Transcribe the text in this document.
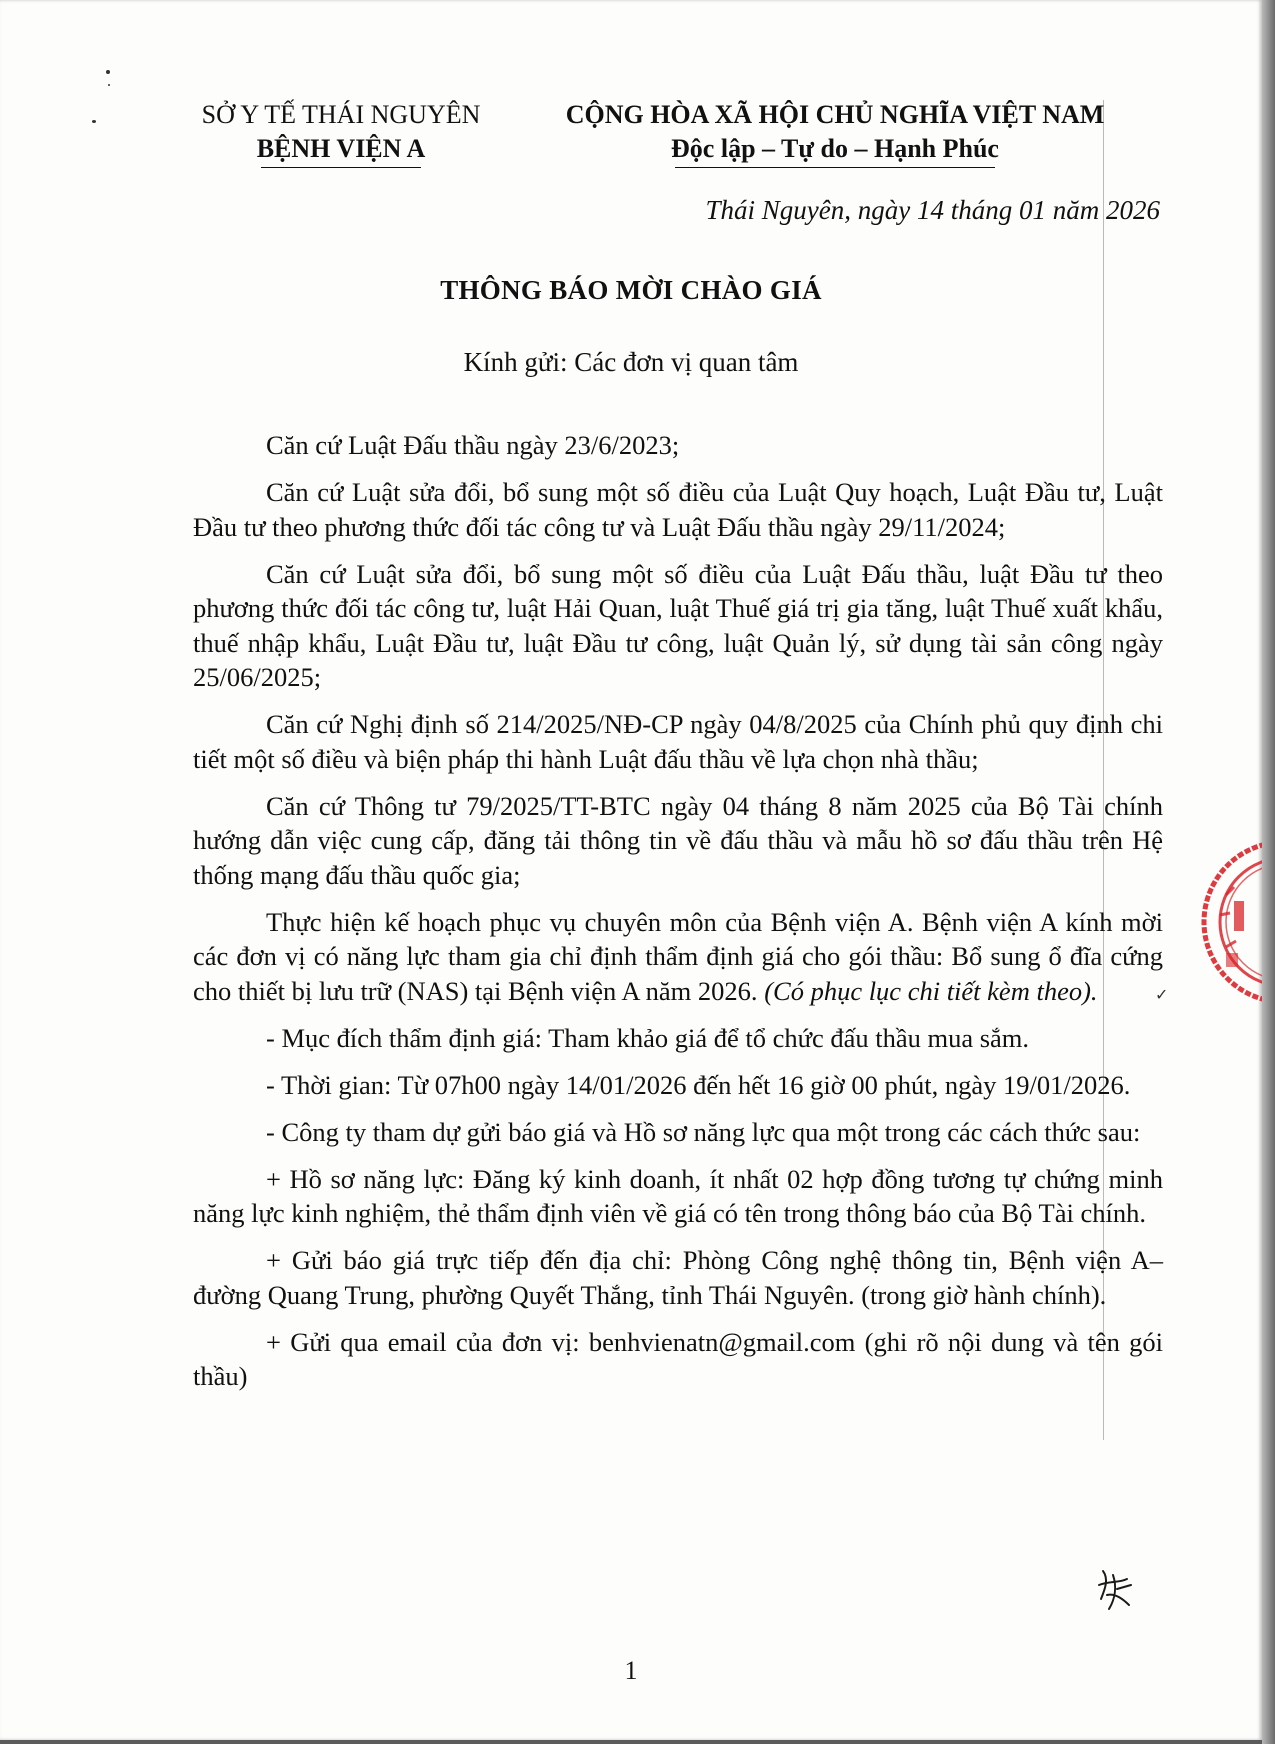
SỞ Y TẾ THÁI NGUYÊN
BỆNH VIỆN A
CỘNG HÒA XÃ HỘI CHỦ NGHĨA VIỆT NAM
Độc lập – Tự do – Hạnh Phúc
Thái Nguyên, ngày 14 tháng 01 năm 2026
THÔNG BÁO MỜI CHÀO GIÁ
Kính gửi: Các đơn vị quan tâm

Căn cứ Luật Đấu thầu ngày 23/6/2023;

Căn cứ Luật sửa đổi, bổ sung một số điều của Luật Quy hoạch, Luật Đầu tư, Luật Đầu tư theo phương thức đối tác công tư và Luật Đấu thầu ngày 29/11/2024;

Căn cứ Luật sửa đổi, bổ sung một số điều của Luật Đấu thầu, luật Đầu tư theo phương thức đối tác công tư, luật Hải Quan, luật Thuế giá trị gia tăng, luật Thuế xuất khẩu, thuế nhập khẩu, Luật Đầu tư, luật Đầu tư công, luật Quản lý, sử dụng tài sản công ngày 25/06/2025;

Căn cứ Nghị định số 214/2025/NĐ-CP ngày 04/8/2025 của Chính phủ quy định chi tiết một số điều và biện pháp thi hành Luật đấu thầu về lựa chọn nhà thầu;

Căn cứ Thông tư 79/2025/TT-BTC ngày 04 tháng 8 năm 2025 của Bộ Tài chính hướng dẫn việc cung cấp, đăng tải thông tin về đấu thầu và mẫu hồ sơ đấu thầu trên Hệ thống mạng đấu thầu quốc gia;

Thực hiện kế hoạch phục vụ chuyên môn của Bệnh viện A. Bệnh viện A kính mời các đơn vị có năng lực tham gia chỉ định thẩm định giá cho gói thầu: Bổ sung ổ đĩa cứng cho thiết bị lưu trữ (NAS) tại Bệnh viện A năm 2026. (Có phục lục chi tiết kèm theo).

- Mục đích thẩm định giá: Tham khảo giá để tổ chức đấu thầu mua sắm.

- Thời gian: Từ 07h00 ngày 14/01/2026 đến hết 16 giờ 00 phút, ngày 19/01/2026.

- Công ty tham dự gửi báo giá và Hồ sơ năng lực qua một trong các cách thức sau:

+ Hồ sơ năng lực: Đăng ký kinh doanh, ít nhất 02 hợp đồng tương tự chứng minh năng lực kinh nghiệm, thẻ thẩm định viên về giá có tên trong thông báo của Bộ Tài chính.

+ Gửi báo giá trực tiếp đến địa chỉ: Phòng Công nghệ thông tin, Bệnh viện A– đường Quang Trung, phường Quyết Thắng, tỉnh Thái Nguyên. (trong giờ hành chính).

+ Gửi qua email của đơn vị: benhvienatn@gmail.com (ghi rõ nội dung và tên gói thầu)

✓
1
